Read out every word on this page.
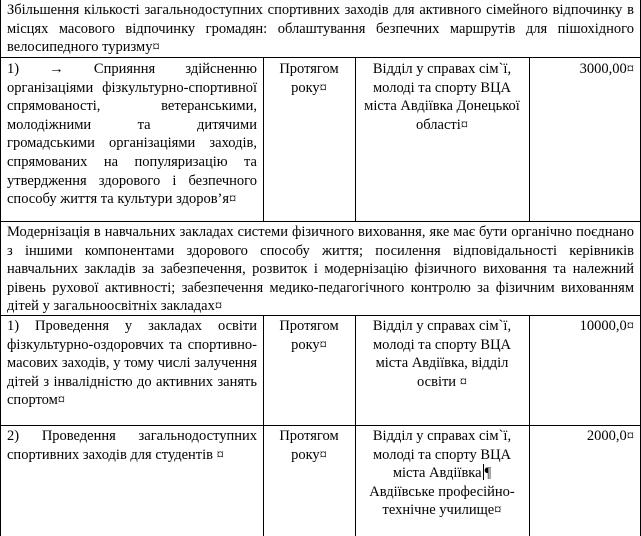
Збільшення кількості загальнодоступних спортивних заходів для активного сімейного відпочинку в місцях масового відпочинку громадян: облаштування безпечних маршрутів для пішохідного велосипедного туризму¤
1) → Сприяння здійсненню організаціями фізкультурно-спортивної спрямованості, ветеранськими, молодіжними та дитячими громадськими організаціями заходів, спрямованих на популяризацію та утвердження здорового і безпечного способу життя та культури здоров’я¤
Протягом року¤
Відділ у справах сім`ї, молоді та спорту ВЦА міста Авдіївка Донецької області¤
3000,00¤
Модернізація в навчальних закладах системи фізичного виховання, яке має бути органічно поєднано з іншими компонентами здорового способу життя; посилення відповідальності керівників навчальних закладів за забезпечення, розвиток і модернізацію фізичного виховання та належний рівень рухової активності; забезпечення медико-педагогічного контролю за фізичним вихованням дітей у загальноосвітніх закладах¤
1) Проведення у закладах освіти фізкультурно-оздоровчих та спортивно-масових заходів, у тому числі залучення дітей з інвалідністю до активних занять спортом¤
Протягом року¤
Відділ у справах сім`ї, молоді та спорту ВЦА міста Авдіївка, відділ освіти ¤
10000,0¤
2) Проведення загальнодоступних спортивних заходів для студентів ¤
Протягом року¤
Відділ у справах сім`ї, молоді та спорту ВЦА міста Авдіївка ¶
Авдіївське професійно-технічне училище¤
2000,0¤
